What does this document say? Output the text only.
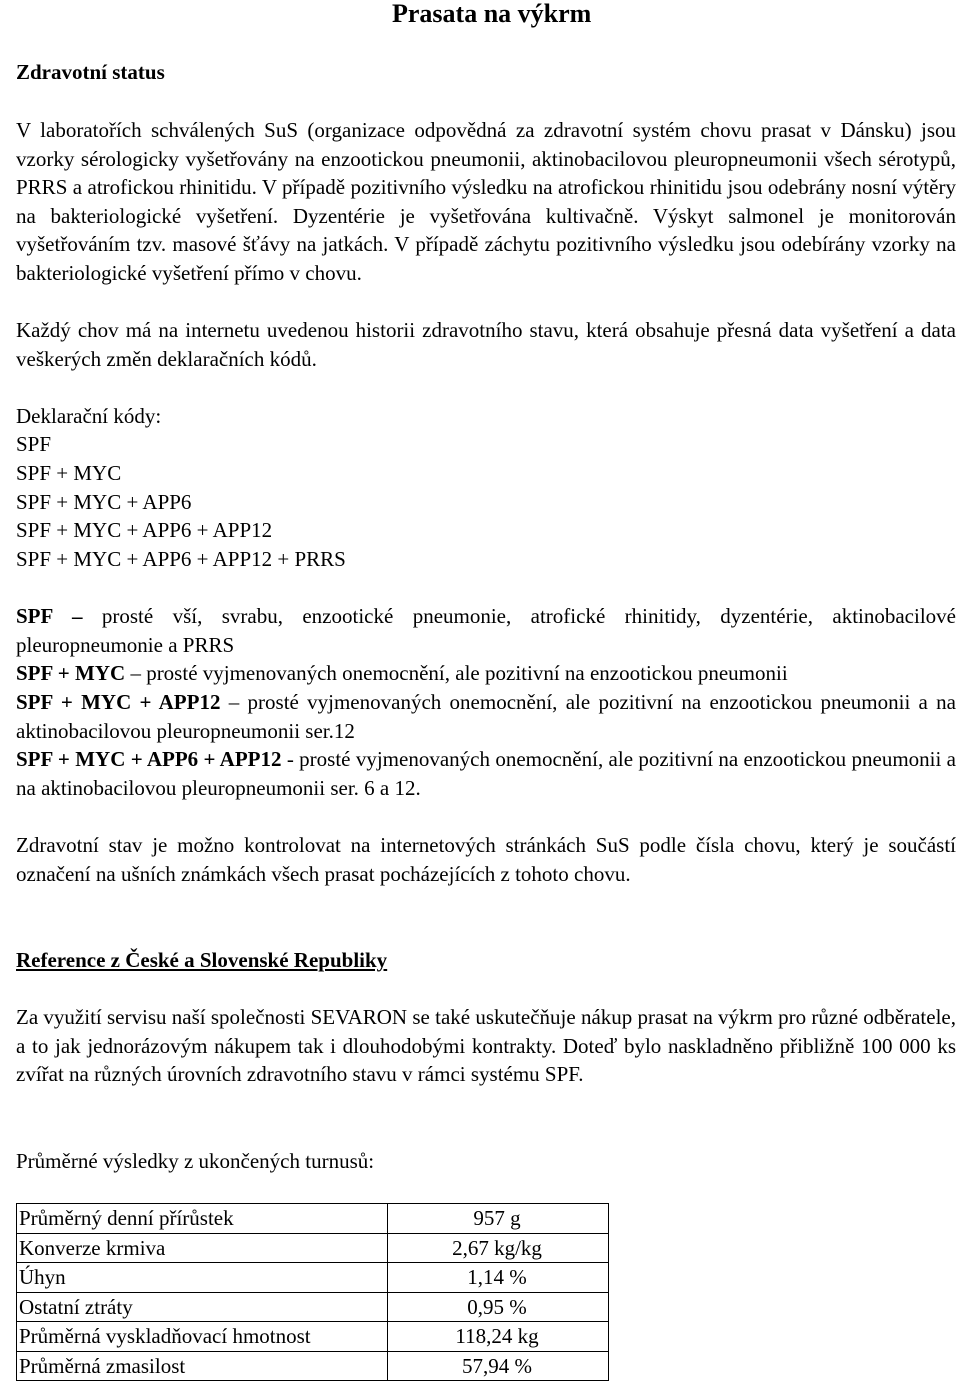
Prasata na výkrm
Zdravotní status
V laboratořích schválených SuS (organizace odpovědná za zdravotní systém chovu prasat v Dánsku) jsou vzorky sérologicky vyšetřovány na enzootickou pneumonii, aktinobacilovou pleuropneumonii všech sérotypů, PRRS a atrofickou rhinitidu. V případě pozitivního výsledku na atrofickou rhinitidu jsou odebrány nosní výtěry na bakteriologické vyšetření. Dyzentérie je vyšetřována kultivačně. Výskyt salmonel je monitorován vyšetřováním tzv. masové šťávy na jatkách. V případě záchytu pozitivního výsledku jsou odebírány vzorky na bakteriologické vyšetření přímo v chovu.
Každý chov má na internetu uvedenou historii zdravotního stavu, která obsahuje přesná data vyšetření a data veškerých změn deklaračních kódů.
Deklarační kódy:
SPF
SPF + MYC
SPF + MYC + APP6
SPF + MYC + APP6 + APP12
SPF + MYC + APP6 + APP12 + PRRS
SPF – prosté vší, svrabu, enzootické pneumonie, atrofické rhinitidy, dyzentérie, aktinobacilové pleuropneumonie a PRRS
SPF + MYC – prosté vyjmenovaných onemocnění, ale pozitivní na enzootickou pneumonii
SPF + MYC + APP12 – prosté vyjmenovaných onemocnění, ale pozitivní na enzootickou pneumonii a na aktinobacilovou pleuropneumonii ser.12
SPF + MYC + APP6 + APP12 - prosté vyjmenovaných onemocnění, ale pozitivní na enzootickou pneumonii a na aktinobacilovou pleuropneumonii ser. 6 a 12.
Zdravotní stav je možno kontrolovat na internetových stránkách SuS podle čísla chovu, který je součástí označení na ušních známkách všech prasat pocházejících z tohoto chovu.
Reference z České a Slovenské Republiky
Za využití servisu naší společnosti SEVARON se také uskutečňuje nákup prasat na výkrm pro různé odběratele, a to jak jednorázovým nákupem tak i dlouhodobými kontrakty. Doteď bylo naskladněno přibližně 100 000 ks zvířat na různých úrovních zdravotního stavu v rámci systému SPF.
Průměrné výsledky z ukončených turnusů:
Průměrný denní přírůstek	957 g
Konverze krmiva	2,67 kg/kg
Úhyn	1,14 %
Ostatní ztráty	0,95 %
Průměrná vyskladňovací hmotnost	118,24 kg
Průměrná zmasilost	57,94 %
